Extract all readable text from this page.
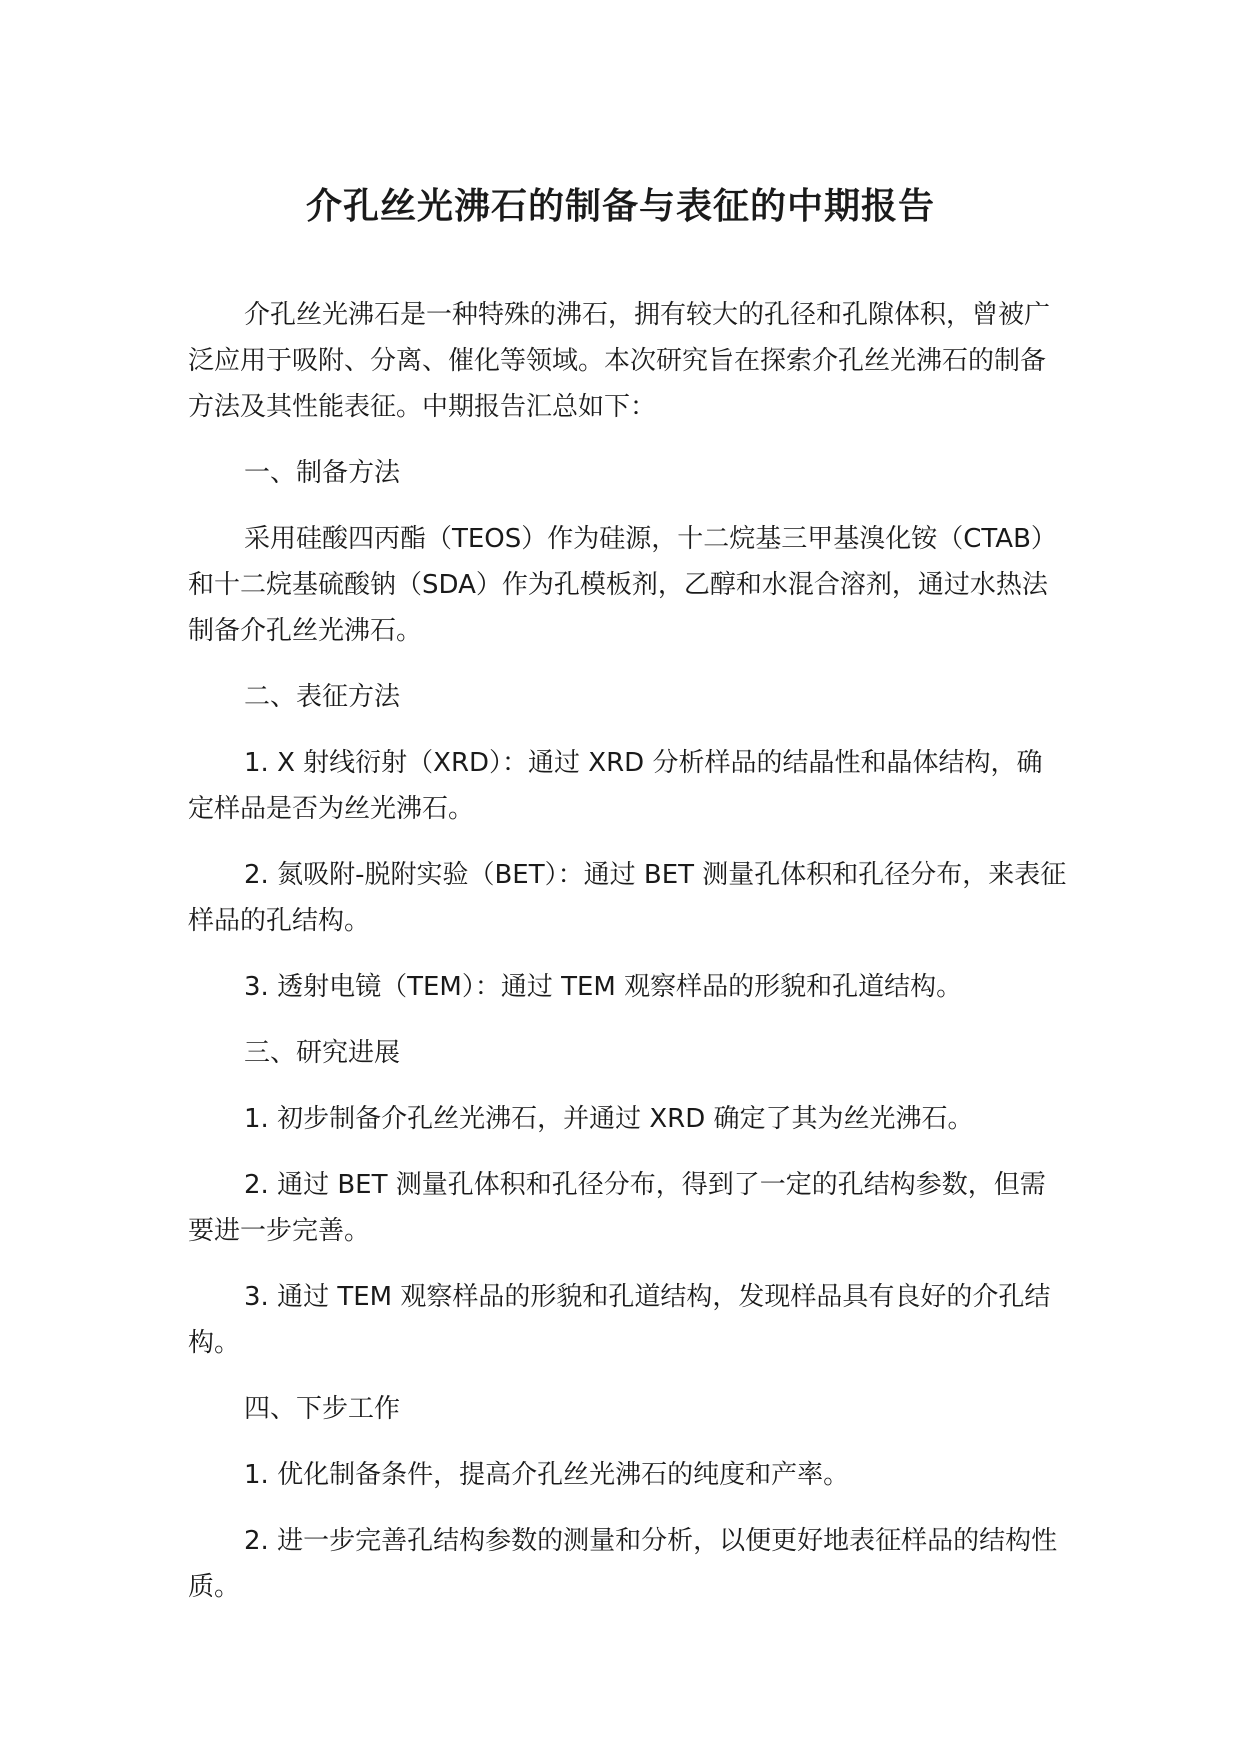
介孔丝光沸石的制备与表征的中期报告

介孔丝光沸石是一种特殊的沸石，拥有较大的孔径和孔隙体积，曾被广泛应用于吸附、分离、催化等领域。本次研究旨在探索介孔丝光沸石的制备方法及其性能表征。中期报告汇总如下：

一、制备方法

采用硅酸四丙酯（TEOS）作为硅源，十二烷基三甲基溴化铵（CTAB）和十二烷基硫酸钠（SDA）作为孔模板剂，乙醇和水混合溶剂，通过水热法制备介孔丝光沸石。

二、表征方法

1. X 射线衍射（XRD）：通过 XRD 分析样品的结晶性和晶体结构，确定样品是否为丝光沸石。

2. 氮吸附-脱附实验（BET）：通过 BET 测量孔体积和孔径分布，来表征样品的孔结构。

3. 透射电镜（TEM）：通过 TEM 观察样品的形貌和孔道结构。

三、研究进展

1. 初步制备介孔丝光沸石，并通过 XRD 确定了其为丝光沸石。

2. 通过 BET 测量孔体积和孔径分布，得到了一定的孔结构参数，但需要进一步完善。

3. 通过 TEM 观察样品的形貌和孔道结构，发现样品具有良好的介孔结构。

四、下步工作

1. 优化制备条件，提高介孔丝光沸石的纯度和产率。

2. 进一步完善孔结构参数的测量和分析，以便更好地表征样品的结构性质。
